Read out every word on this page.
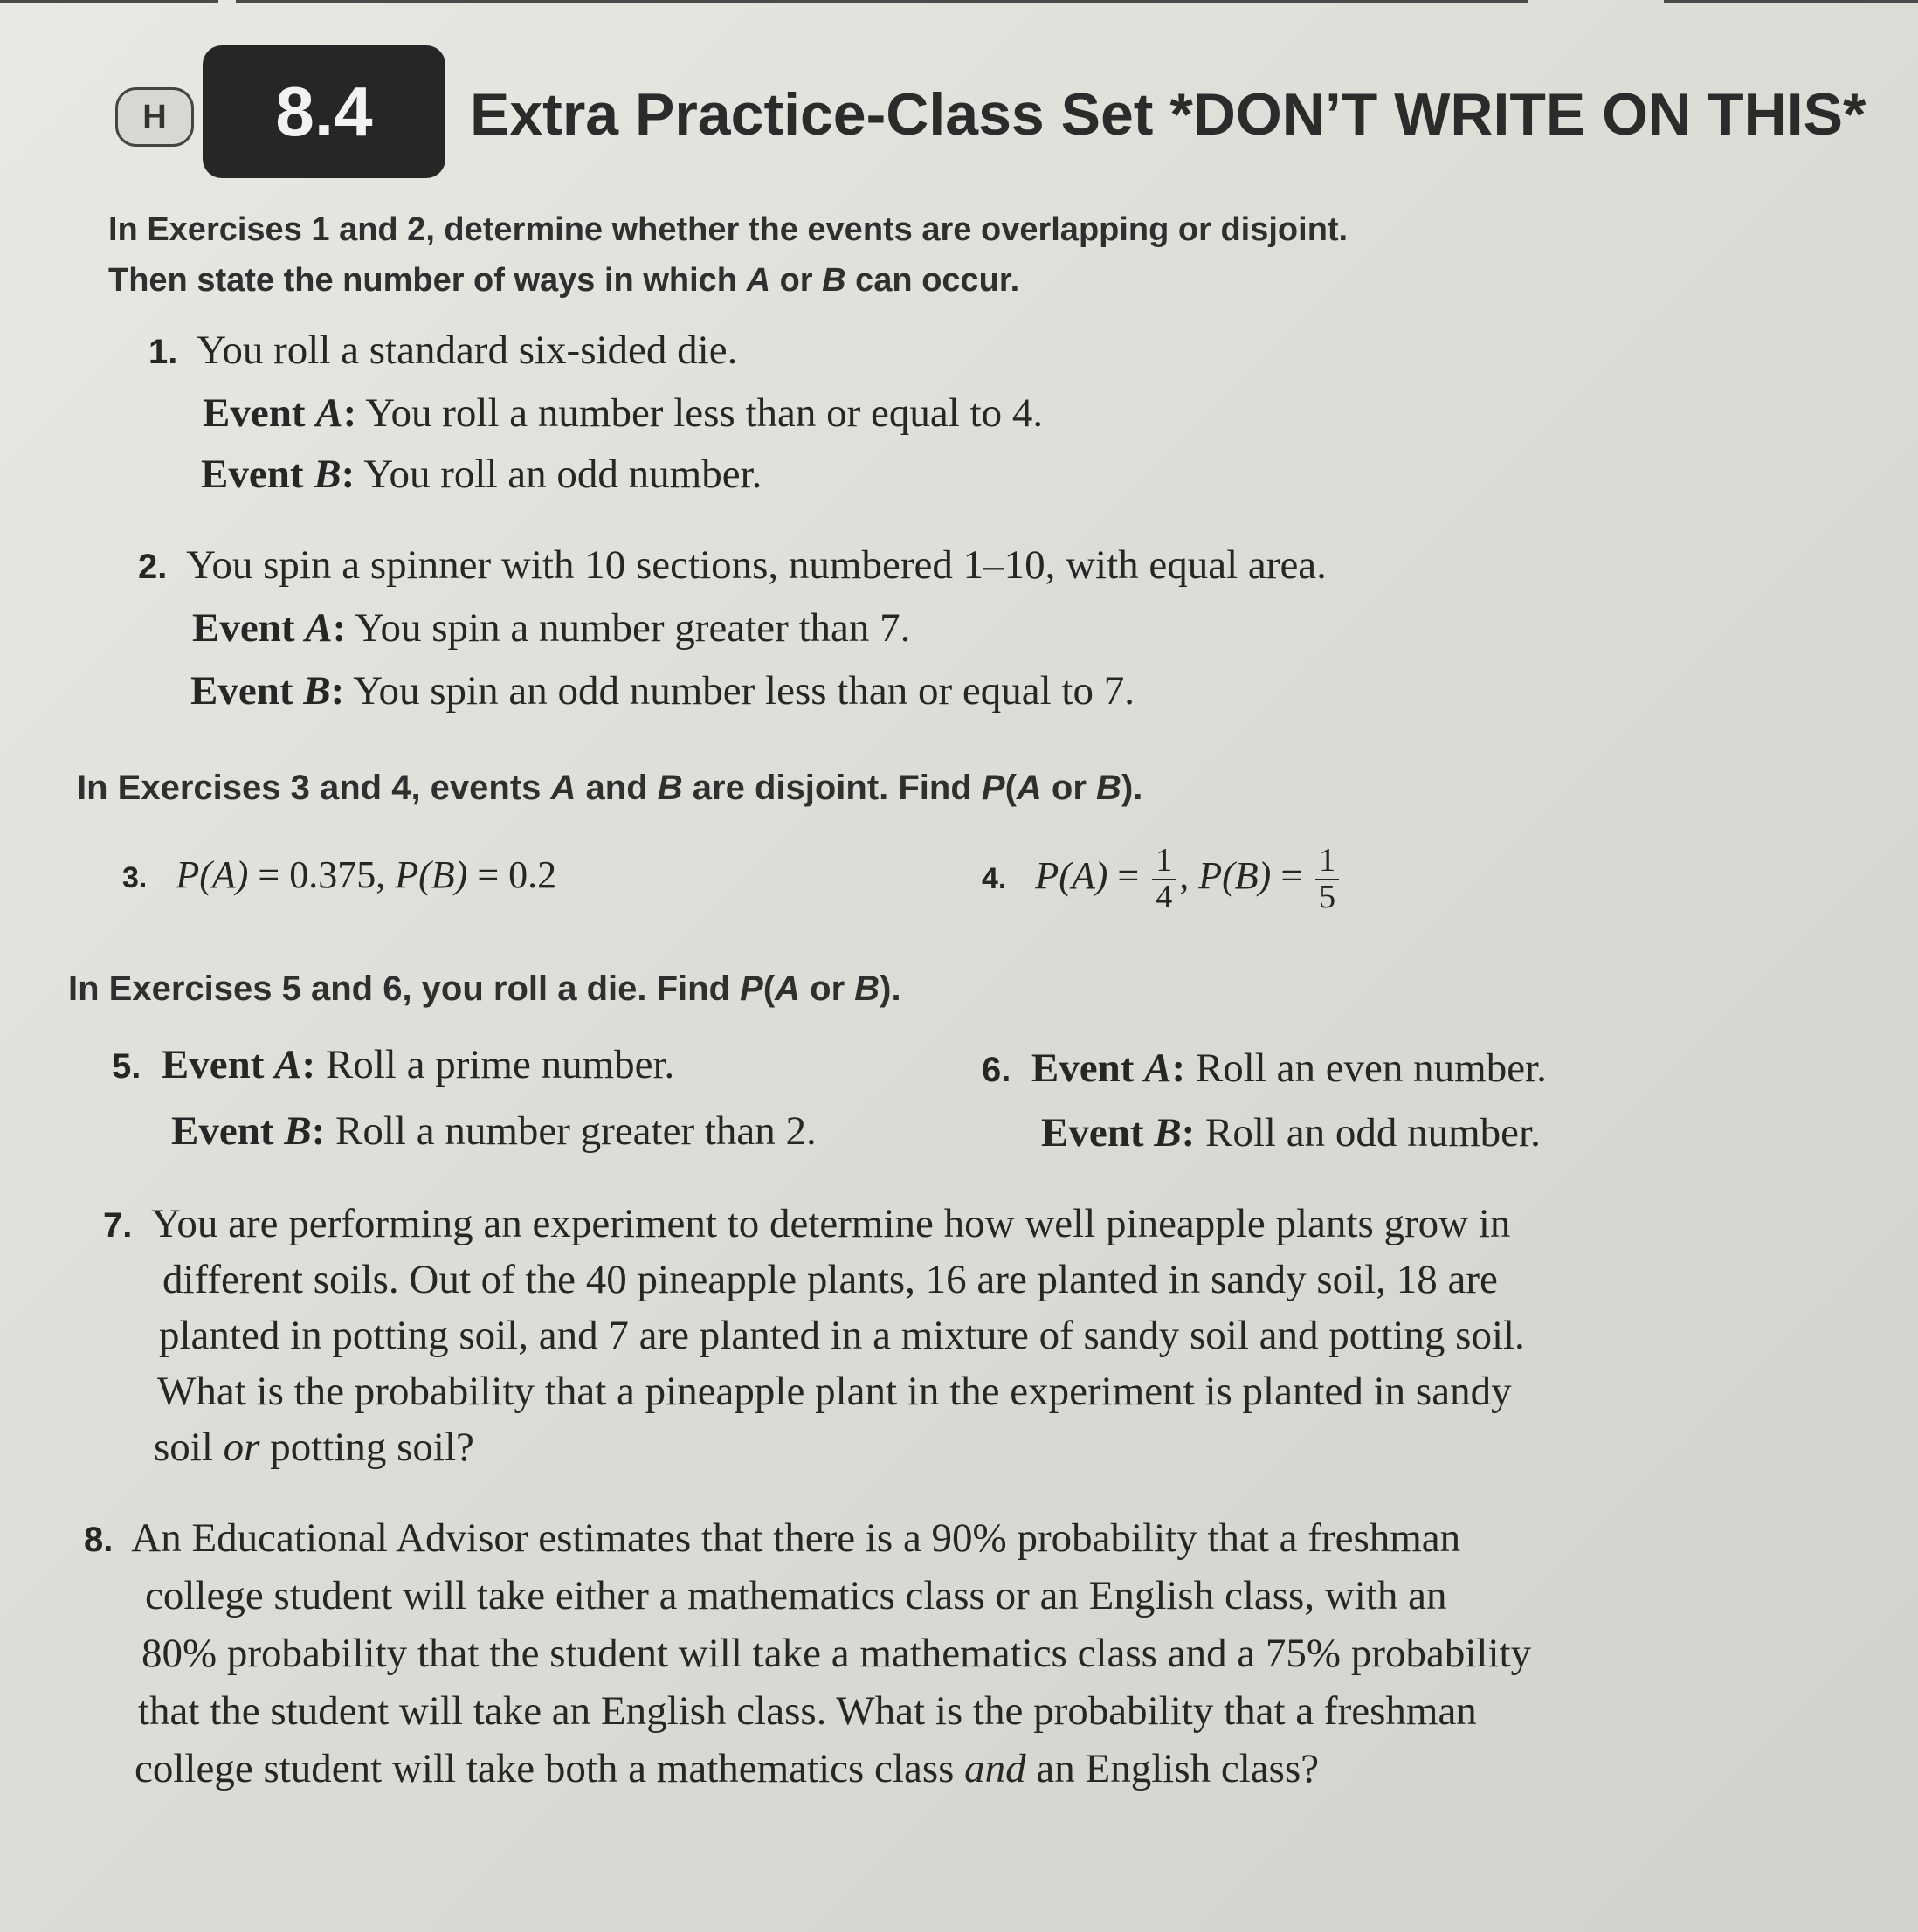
H	8.4	Extra Practice-Class Set *DON’T WRITE ON THIS*
In Exercises 1 and 2, determine whether the events are overlapping or disjoint.
Then state the number of ways in which A or B can occur.
1. You roll a standard six-sided die.
Event A: You roll a number less than or equal to 4.
Event B: You roll an odd number.
2. You spin a spinner with 10 sections, numbered 1–10, with equal area.
Event A: You spin a number greater than 7.
Event B: You spin an odd number less than or equal to 7.
In Exercises 3 and 4, events A and B are disjoint. Find P(A or B).
3. P(A) = 0.375, P(B) = 0.2	4. $P(A) = \frac{1}{4}$ , $P(B) = \frac{1}{5}$
In Exercises 5 and 6, you roll a die. Find P(A or B).
5. Event A: Roll a prime number.
Event B: Roll a number greater than 2.
6. Event A: Roll an even number.
Event B: Roll an odd number.
7. You are performing an experiment to determine how well pineapple plants grow in
different soils. Out of the 40 pineapple plants, 16 are planted in sandy soil, 18 are
planted in potting soil, and 7 are planted in a mixture of sandy soil and potting soil.
What is the probability that a pineapple plant in the experiment is planted in sandy
soil or potting soil?
8. An Educational Advisor estimates that there is a 90% probability that a freshman
college student will take either a mathematics class or an English class, with an
80% probability that the student will take a mathematics class and a 75% probability
that the student will take an English class. What is the probability that a freshman
college student will take both a mathematics class and an English class?
